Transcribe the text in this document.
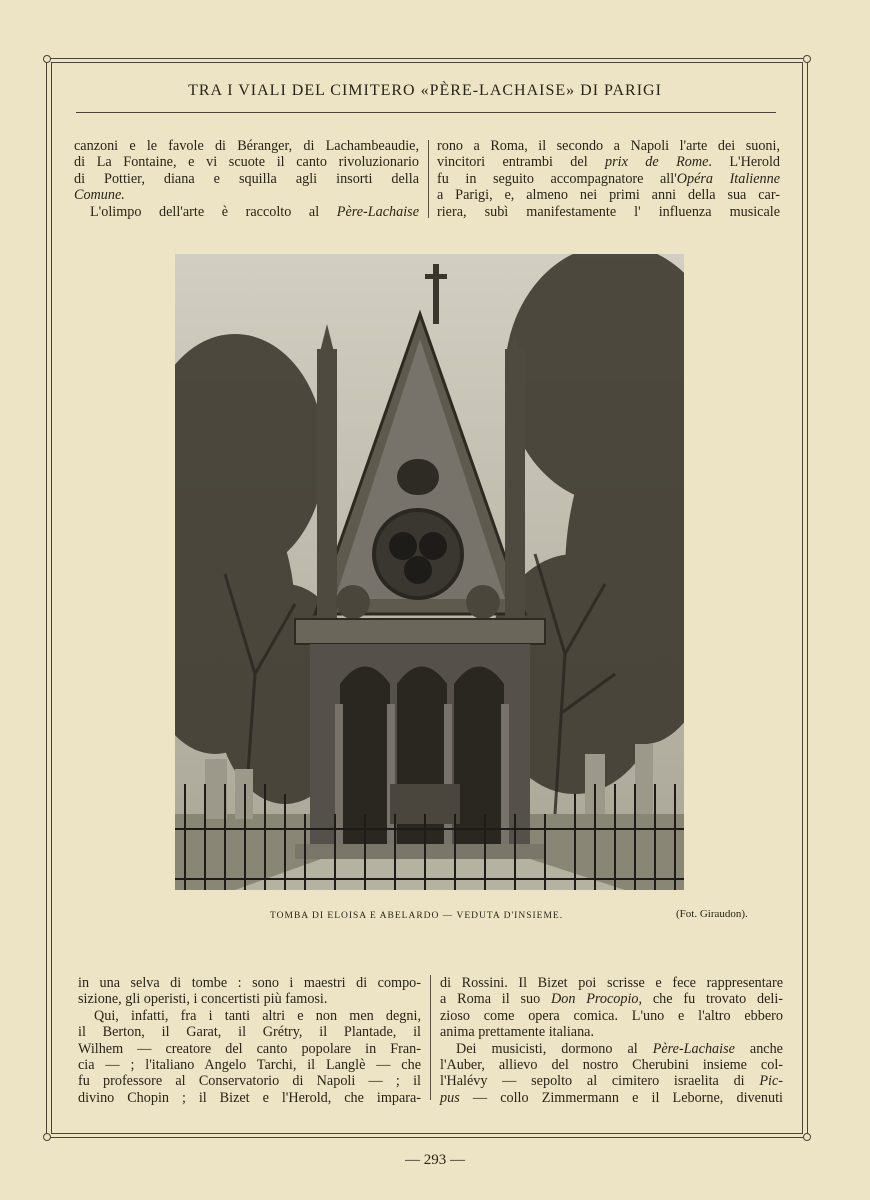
TRA I VIALI DEL CIMITERO «PÈRE-LACHAISE» DI PARIGI

canzoni e le favole di Béranger, di Lachambeaudie,

di La Fontaine, e vi scuote il canto rivoluzionario

di Pottier, diana e squilla agli insorti della

Comune.

L'olimpo dell'arte è raccolto al Père-Lachaise

rono a Roma, il secondo a Napoli l'arte dei suoni,

vincitori entrambi del prix de Rome. L'Herold

fu in seguito accompagnatore all'Opéra Italienne

a Parigi, e, almeno nei primi anni della sua car-

riera, subì manifestamente l' influenza musicale

TOMBA DI ELOISA E ABELARDO — VEDUTA D'INSIEME.	(Fot. Giraudon).

in una selva di tombe : sono i maestri di compo-

sizione, gli operisti, i concertisti più famosi.

Qui, infatti, fra i tanti altri e non men degni,

il Berton, il Garat, il Grétry, il Plantade, il

Wilhem — creatore del canto popolare in Fran-

cia — ; l'italiano Angelo Tarchi, il Langlè — che

fu professore al Conservatorio di Napoli — ; il

divino Chopin ; il Bizet e l'Herold, che impara-

di Rossini. Il Bizet poi scrisse e fece rappresentare

a Roma il suo Don Procopio, che fu trovato deli-

zioso come opera comica. L'uno e l'altro ebbero

anima prettamente italiana.

Dei musicisti, dormono al Père-Lachaise anche

l'Auber, allievo del nostro Cherubini insieme col-

l'Halévy — sepolto al cimitero israelita di Pic-

pus — collo Zimmermann e il Leborne, divenuti

— 293 —
